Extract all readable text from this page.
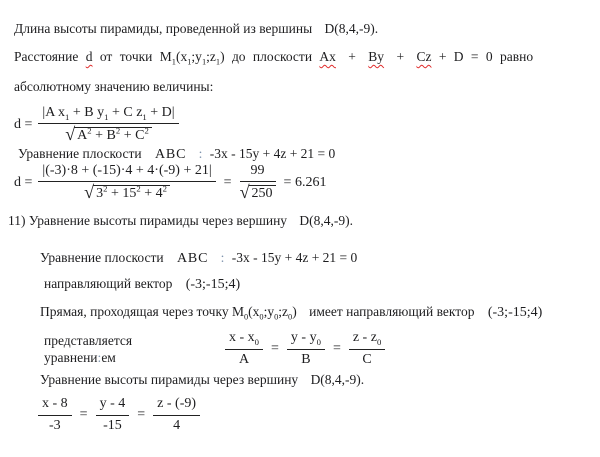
Длина высоты пирамиды, проведенной из вершины D(8,4,-9).
Расстояние d от точки $M_1(x_1;y_1;z_1)$ до плоскости Ax + By + Cz + D = 0 равно
абсолютному значению величины:
$d = \frac{|A x_1 + B y_1 + C z_1 + D|}{√ A^2 + B^2 + C^2}$
Уравнение плоскости ABC : -3x - 15y + 4z + 21 = 0
$d = \frac{|(-3)\cdot 8 + (-15)\cdot 4 + 4\cdot(-9) + 21|}{√ 3^2 + 15^2 + 4^2} = \frac{99}{√ 250} = 6.261$
11) Уравнение высоты пирамиды через вершину D(8,4,-9).
Уравнение плоскости ABC : -3x - 15y + 4z + 21 = 0
направляющий вектор (-3;-15;4)
Прямая, проходящая через точку $M_0(x_0;y_0;z_0)$ имеет направляющий вектор (-3;-15;4)
представляется
уравнени:ем	$\frac{x - x_0}{A} = \frac{y - y_0}{B} = \frac{z - z_0}{C}$
Уравнение высоты пирамиды через вершину D(8,4,-9).
$\frac{x - 8}{-3} = \frac{y - 4}{-15} = \frac{z - (-9)}{4}$
